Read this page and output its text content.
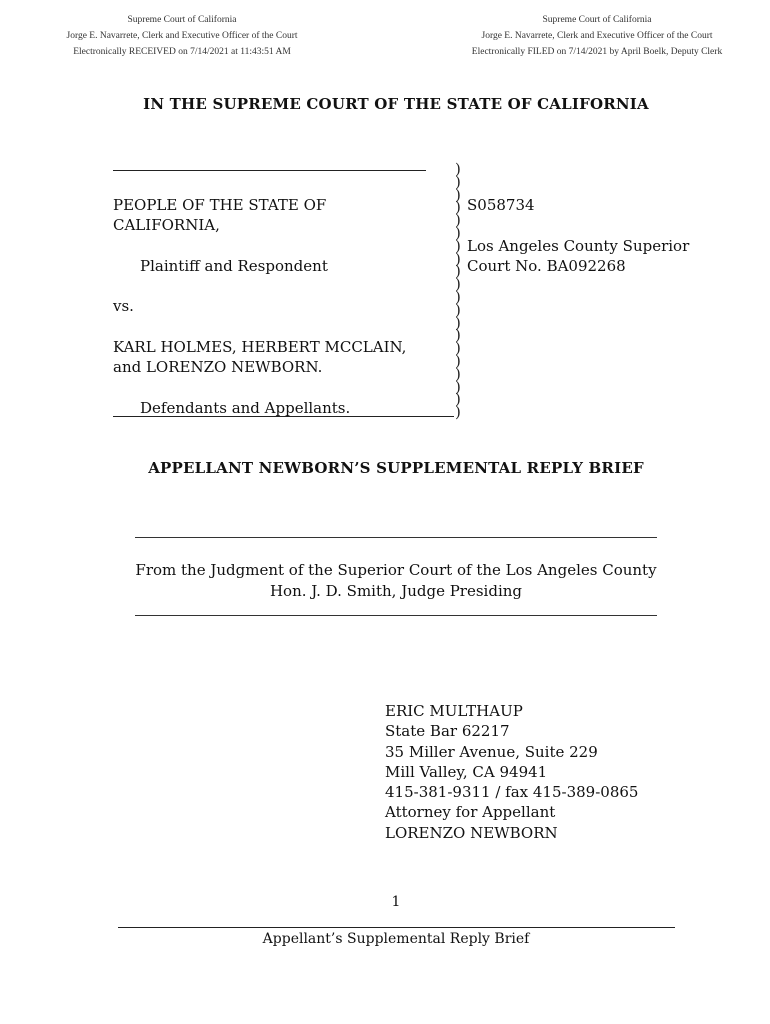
Supreme Court of California
Jorge E. Navarrete, Clerk and Executive Officer of the Court
Electronically RECEIVED on 7/14/2021 at 11:43:51 AM
Supreme Court of California
Jorge E. Navarrete, Clerk and Executive Officer of the Court
Electronically FILED on 7/14/2021 by April Boelk, Deputy Clerk
IN THE SUPREME COURT OF THE STATE OF CALIFORNIA
PEOPLE OF THE STATE OF
CALIFORNIA,
Plaintiff and Respondent
vs.
KARL HOLMES, HERBERT MCCLAIN,
and LORENZO NEWBORN.
Defendants and Appellants.
)
)
)
)
)
)
)
)
)
)
)
)
)
)
)
)
)
)
)
)
S058734
Los Angeles County Superior
Court No. BA092268
APPELLANT NEWBORN’S SUPPLEMENTAL REPLY BRIEF
From the Judgment of the Superior Court of the Los Angeles County
Hon. J. D. Smith, Judge Presiding
ERIC MULTHAUP
State Bar 62217
35 Miller Avenue, Suite 229
Mill Valley, CA 94941
415-381-9311 / fax 415-389-0865
Attorney for Appellant
LORENZO NEWBORN
1
Appellant’s Supplemental Reply Brief
